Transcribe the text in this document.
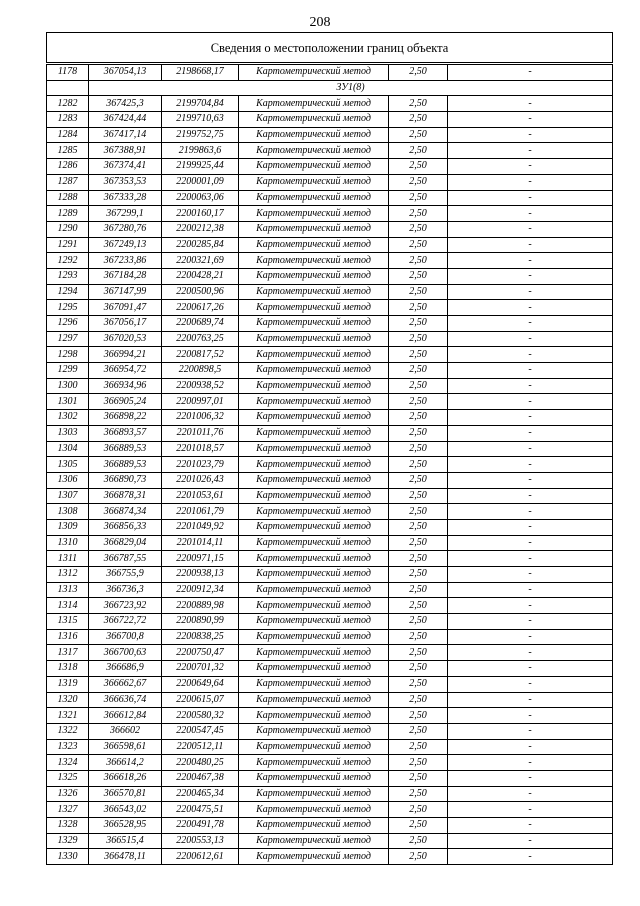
208
Сведения о местоположении границ объекта					
1178	367054,13	2198668,17	Картометрический метод	2,50	-
	ЗУ1(8)				
1282	367425,3	2199704,84	Картометрический метод	2,50	-
1283	367424,44	2199710,63	Картометрический метод	2,50	-
1284	367417,14	2199752,75	Картометрический метод	2,50	-
1285	367388,91	2199863,6	Картометрический метод	2,50	-
1286	367374,41	2199925,44	Картометрический метод	2,50	-
1287	367353,53	2200001,09	Картометрический метод	2,50	-
1288	367333,28	2200063,06	Картометрический метод	2,50	-
1289	367299,1	2200160,17	Картометрический метод	2,50	-
1290	367280,76	2200212,38	Картометрический метод	2,50	-
1291	367249,13	2200285,84	Картометрический метод	2,50	-
1292	367233,86	2200321,69	Картометрический метод	2,50	-
1293	367184,28	2200428,21	Картометрический метод	2,50	-
1294	367147,99	2200500,96	Картометрический метод	2,50	-
1295	367091,47	2200617,26	Картометрический метод	2,50	-
1296	367056,17	2200689,74	Картометрический метод	2,50	-
1297	367020,53	2200763,25	Картометрический метод	2,50	-
1298	366994,21	2200817,52	Картометрический метод	2,50	-
1299	366954,72	2200898,5	Картометрический метод	2,50	-
1300	366934,96	2200938,52	Картометрический метод	2,50	-
1301	366905,24	2200997,01	Картометрический метод	2,50	-
1302	366898,22	2201006,32	Картометрический метод	2,50	-
1303	366893,57	2201011,76	Картометрический метод	2,50	-
1304	366889,53	2201018,57	Картометрический метод	2,50	-
1305	366889,53	2201023,79	Картометрический метод	2,50	-
1306	366890,73	2201026,43	Картометрический метод	2,50	-
1307	366878,31	2201053,61	Картометрический метод	2,50	-
1308	366874,34	2201061,79	Картометрический метод	2,50	-
1309	366856,33	2201049,92	Картометрический метод	2,50	-
1310	366829,04	2201014,11	Картометрический метод	2,50	-
1311	366787,55	2200971,15	Картометрический метод	2,50	-
1312	366755,9	2200938,13	Картометрический метод	2,50	-
1313	366736,3	2200912,34	Картометрический метод	2,50	-
1314	366723,92	2200889,98	Картометрический метод	2,50	-
1315	366722,72	2200890,99	Картометрический метод	2,50	-
1316	366700,8	2200838,25	Картометрический метод	2,50	-
1317	366700,63	2200750,47	Картометрический метод	2,50	-
1318	366686,9	2200701,32	Картометрический метод	2,50	-
1319	366662,67	2200649,64	Картометрический метод	2,50	-
1320	366636,74	2200615,07	Картометрический метод	2,50	-
1321	366612,84	2200580,32	Картометрический метод	2,50	-
1322	366602	2200547,45	Картометрический метод	2,50	-
1323	366598,61	2200512,11	Картометрический метод	2,50	-
1324	366614,2	2200480,25	Картометрический метод	2,50	-
1325	366618,26	2200467,38	Картометрический метод	2,50	-
1326	366570,81	2200465,34	Картометрический метод	2,50	-
1327	366543,02	2200475,51	Картометрический метод	2,50	-
1328	366528,95	2200491,78	Картометрический метод	2,50	-
1329	366515,4	2200553,13	Картометрический метод	2,50	-
1330	366478,11	2200612,61	Картометрический метод	2,50	-
